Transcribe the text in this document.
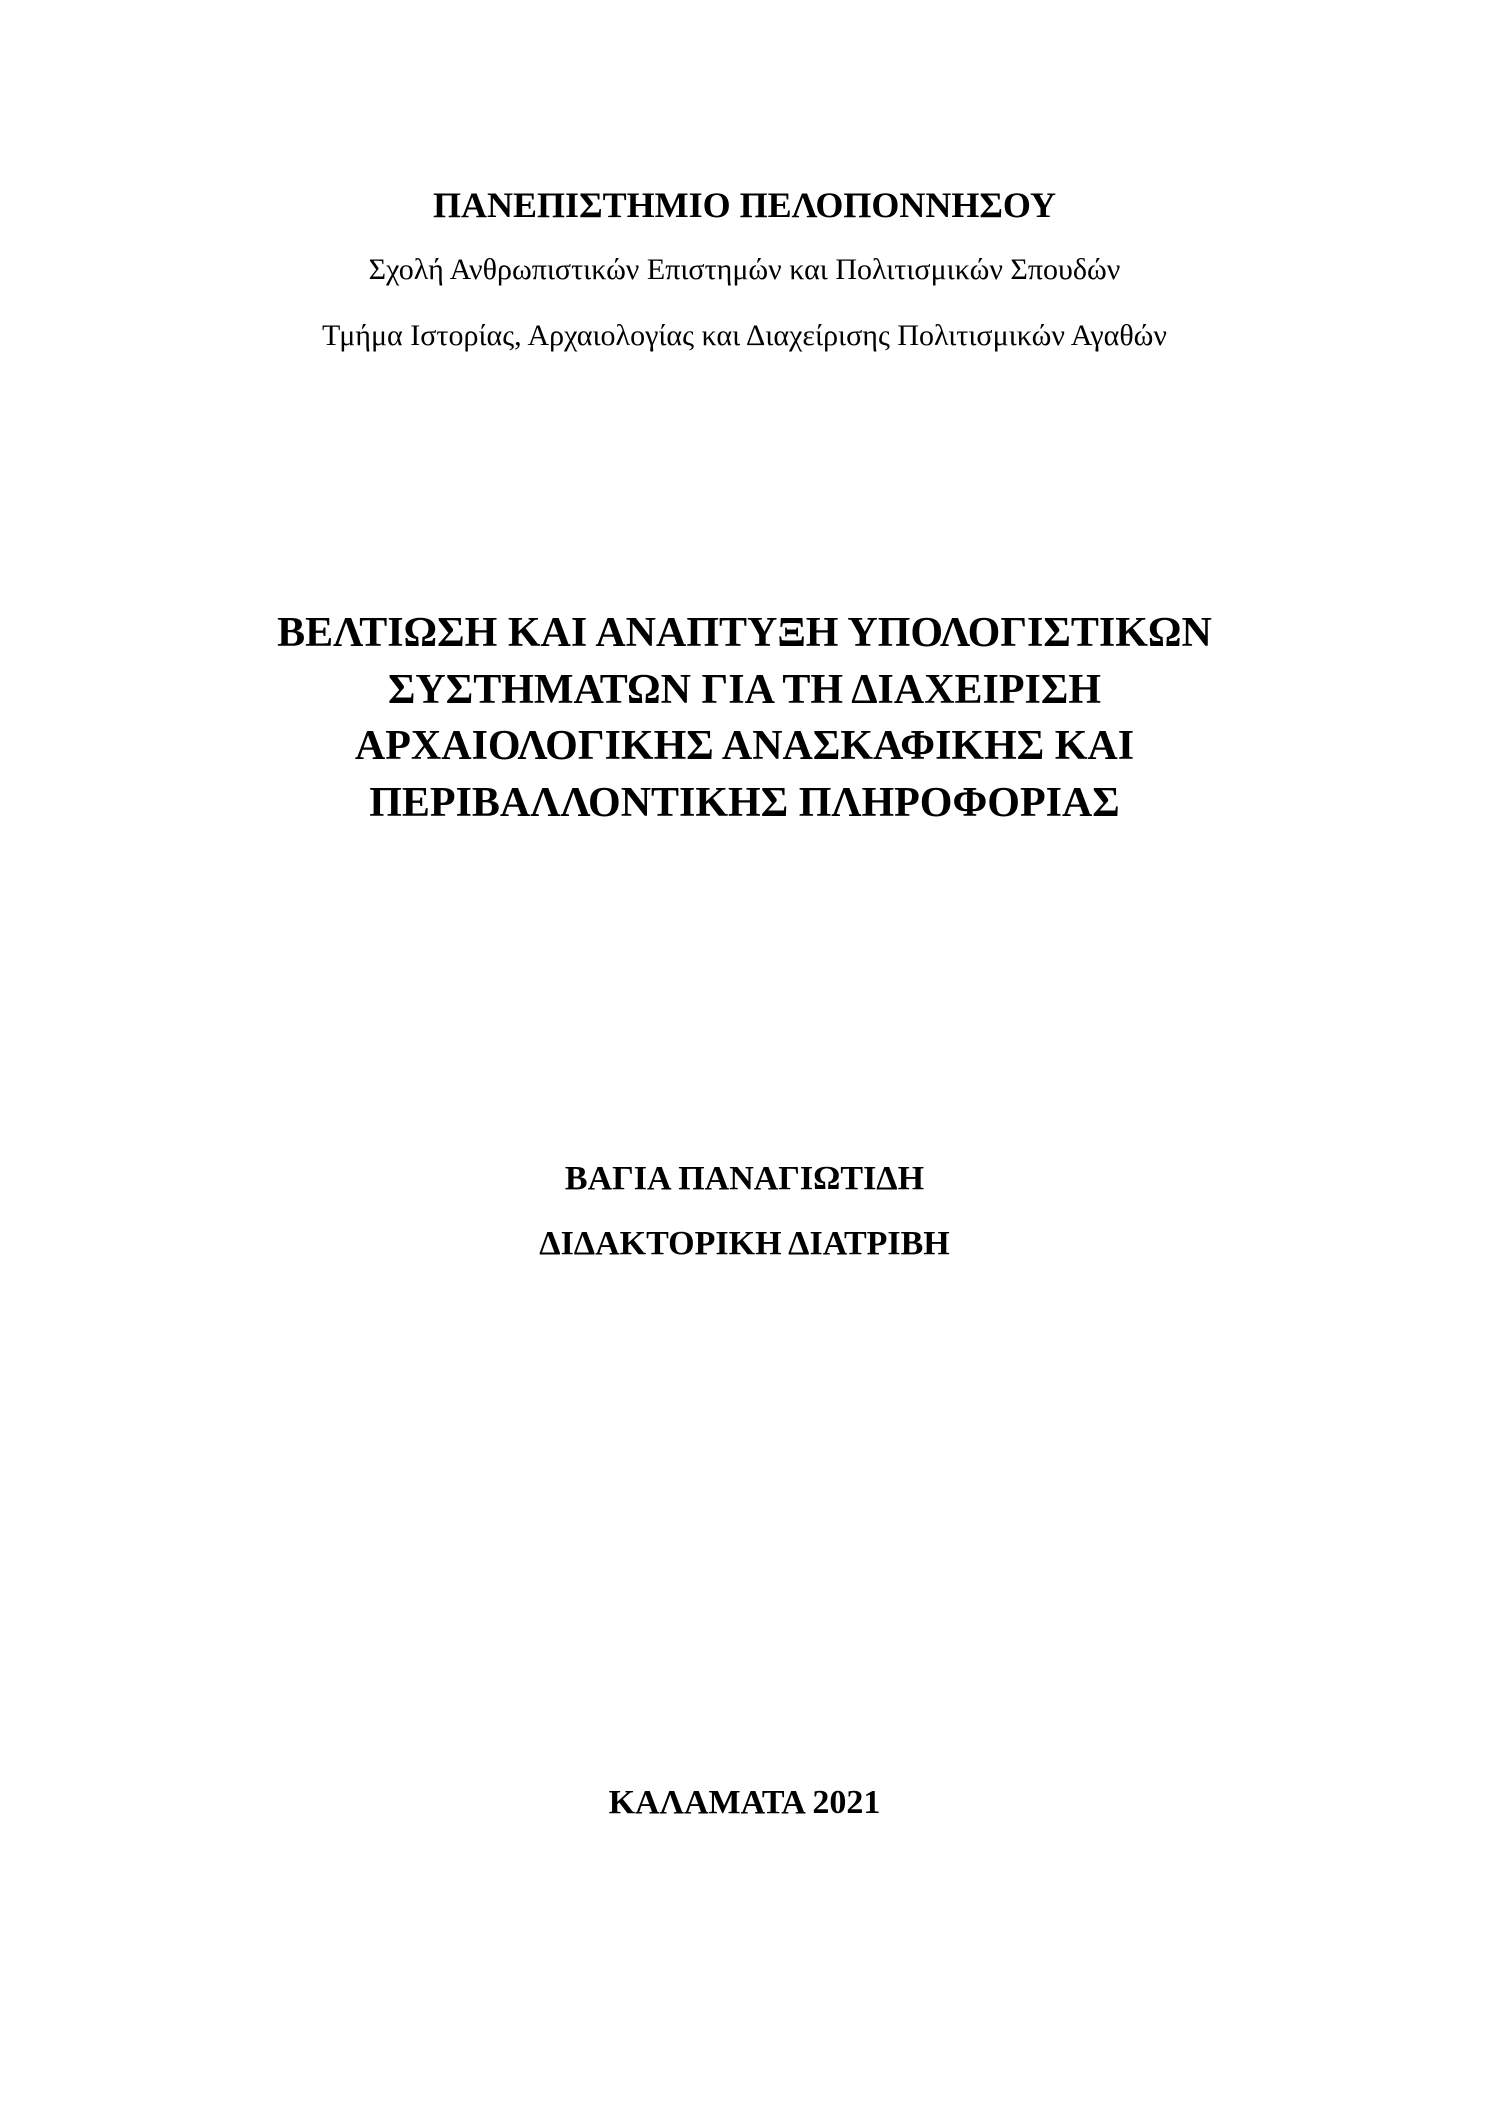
ΠΑΝΕΠΙΣΤΗΜΙΟ ΠΕΛΟΠΟΝΝΗΣΟΥ
Σχολή Ανθρωπιστικών Επιστημών και Πολιτισμικών Σπουδών
Τμήμα Ιστορίας, Αρχαιολογίας και Διαχείρισης Πολιτισμικών Αγαθών
ΒΕΛΤΙΩΣΗ ΚΑΙ ΑΝΑΠΤΥΞΗ ΥΠΟΛΟΓΙΣΤΙΚΩΝ
ΣΥΣΤΗΜΑΤΩΝ ΓΙΑ ΤΗ ΔΙΑΧΕΙΡΙΣΗ
ΑΡΧΑΙΟΛΟΓΙΚΗΣ ΑΝΑΣΚΑΦΙΚΗΣ ΚΑΙ
ΠΕΡΙΒΑΛΛΟΝΤΙΚΗΣ ΠΛΗΡΟΦΟΡΙΑΣ
ΒΑΓΙΑ ΠΑΝΑΓΙΩΤΙΔΗ
ΔΙΔΑΚΤΟΡΙΚΗ ΔΙΑΤΡΙΒΗ
ΚΑΛΑΜΑΤΑ 2021
